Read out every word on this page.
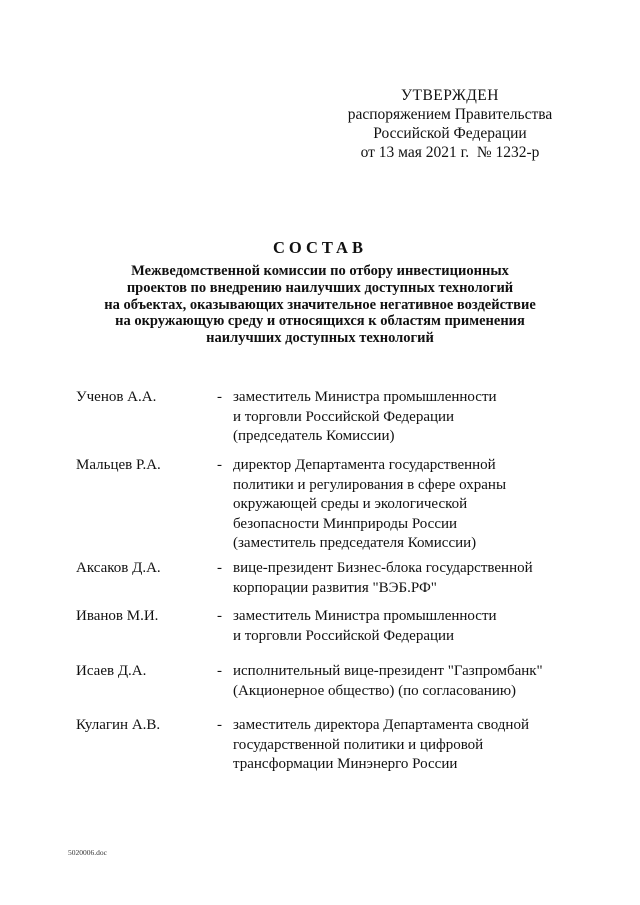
УТВЕРЖДЕН
распоряжением Правительства
Российской Федерации
от 13 мая 2021 г.  № 1232-р
СОСТАВ
Межведомственной комиссии по отбору инвестиционных
проектов по внедрению наилучших доступных технологий
на объектах, оказывающих значительное негативное воздействие
на окружающую среду и относящихся к областям применения
наилучших доступных технологий
Ученов А.А.	- заместитель Министра промышленности
и торговли Российской Федерации
(председатель Комиссии)
Мальцев Р.А.	- директор Департамента государственной
политики и регулирования в сфере охраны
окружающей среды и экологической
безопасности Минприроды России
(заместитель председателя Комиссии)
Аксаков Д.А.	- вице-президент Бизнес-блока государственной
корпорации развития "ВЭБ.РФ"
Иванов М.И.	- заместитель Министра промышленности
и торговли Российской Федерации
Исаев Д.А.	- исполнительный вице-президент "Газпромбанк"
(Акционерное общество) (по согласованию)
Кулагин А.В.	- заместитель директора Департамента сводной
государственной политики и цифровой
трансформации Минэнерго России
5020006.doc
